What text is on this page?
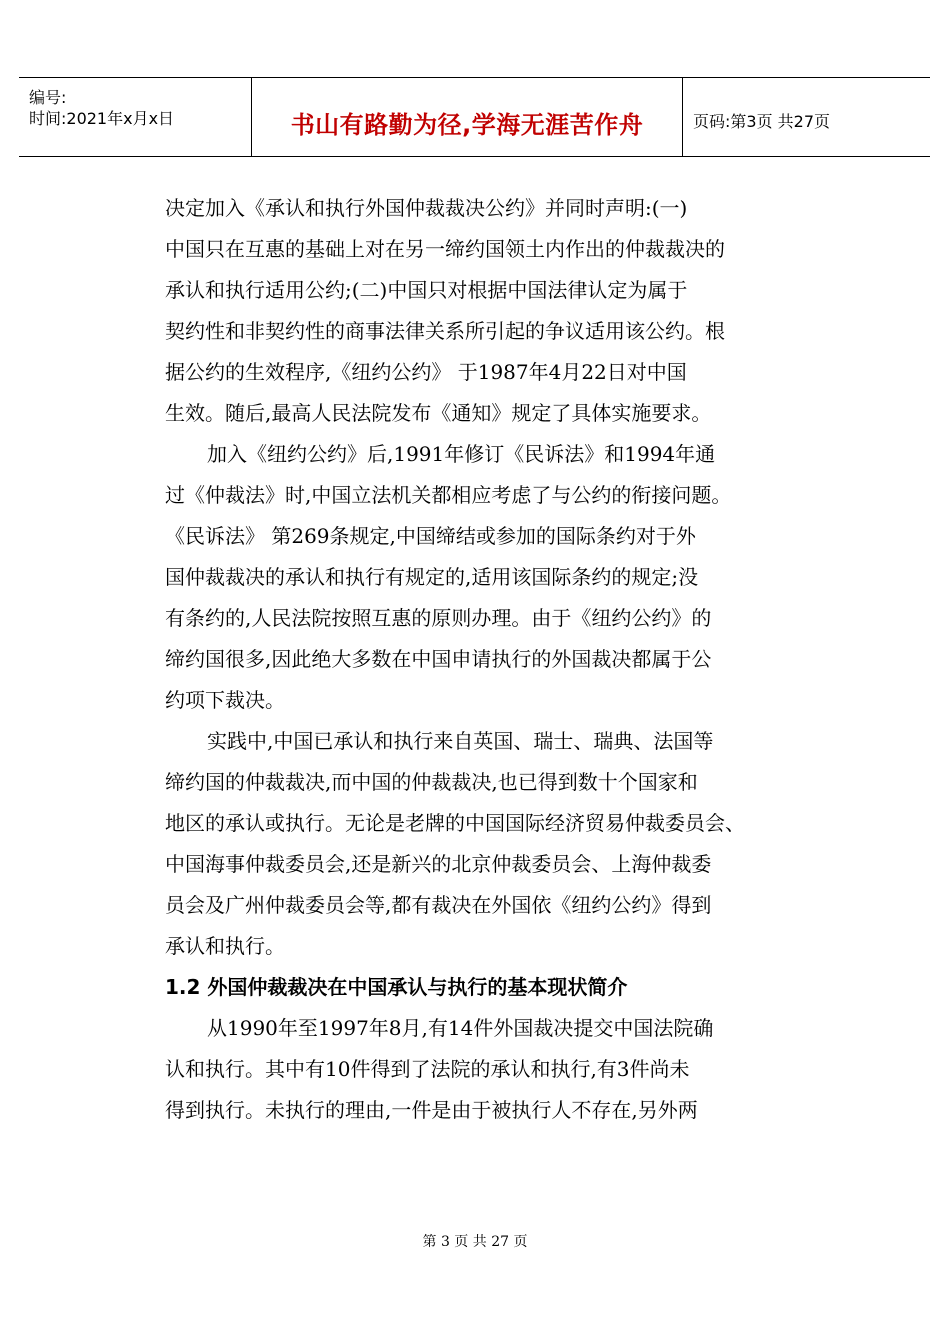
编号:
时间:2021年x月x日	书山有路勤为径,学海无涯苦作舟	页码:第3页 共27页
决定加入《承认和执行外国仲裁裁决公约》并同时声明:(一)
中国只在互惠的基础上对在另一缔约国领土内作出的仲裁裁决的
承认和执行适用公约;(二)中国只对根据中国法律认定为属于
契约性和非契约性的商事法律关系所引起的争议适用该公约。根
据公约的生效程序,《纽约公约》 于1987年4月22日对中国
生效。随后,最高人民法院发布《通知》规定了具体实施要求。
加入《纽约公约》后,1991年修订《民诉法》和1994年通
过《仲裁法》时,中国立法机关都相应考虑了与公约的衔接问题。
《民诉法》 第269条规定,中国缔结或参加的国际条约对于外
国仲裁裁决的承认和执行有规定的,适用该国际条约的规定;没
有条约的,人民法院按照互惠的原则办理。由于《纽约公约》的
缔约国很多,因此绝大多数在中国申请执行的外国裁决都属于公
约项下裁决。
实践中,中国已承认和执行来自英国、瑞士、瑞典、法国等
缔约国的仲裁裁决,而中国的仲裁裁决,也已得到数十个国家和
地区的承认或执行。无论是老牌的中国国际经济贸易仲裁委员会、
中国海事仲裁委员会,还是新兴的北京仲裁委员会、上海仲裁委
员会及广州仲裁委员会等,都有裁决在外国依《纽约公约》得到
承认和执行。
1.2 外国仲裁裁决在中国承认与执行的基本现状简介
从1990年至1997年8月,有14件外国裁决提交中国法院确
认和执行。其中有10件得到了法院的承认和执行,有3件尚未
得到执行。未执行的理由,一件是由于被执行人不存在,另外两
第 3 页 共 27 页
